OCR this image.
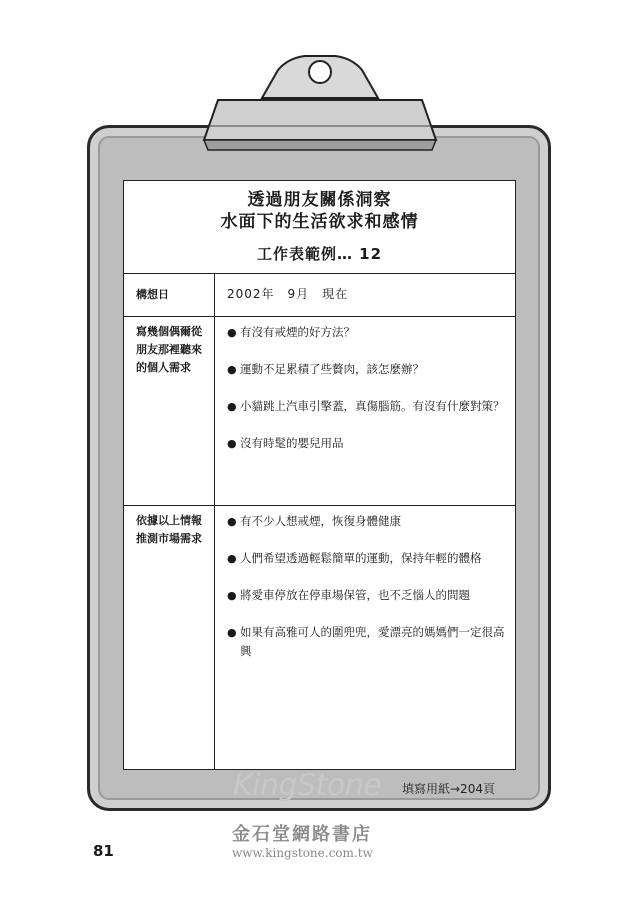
透過朋友關係洞察
水面下的生活欲求和感情
工作表範例… 12
構想日	2002年　9月　現在
寫幾個偶爾從朋友那裡聽來的個人需求
● 有沒有戒煙的好方法？
● 運動不足累積了些贅肉，該怎麼辦？
● 小貓跳上汽車引擎蓋，真傷腦筋。有沒有什麼對策？
● 沒有時髦的嬰兒用品
依據以上情報推測市場需求
● 有不少人想戒煙，恢復身體健康
● 人們希望透過輕鬆簡單的運動，保持年輕的體格
● 將愛車停放在停車場保管，也不乏惱人的問題
● 如果有高雅可人的圍兜兜，愛漂亮的媽媽們一定很高興
KingStone 填寫用紙→204頁
金石堂網路書店
www.kingstone.com.tw
81
